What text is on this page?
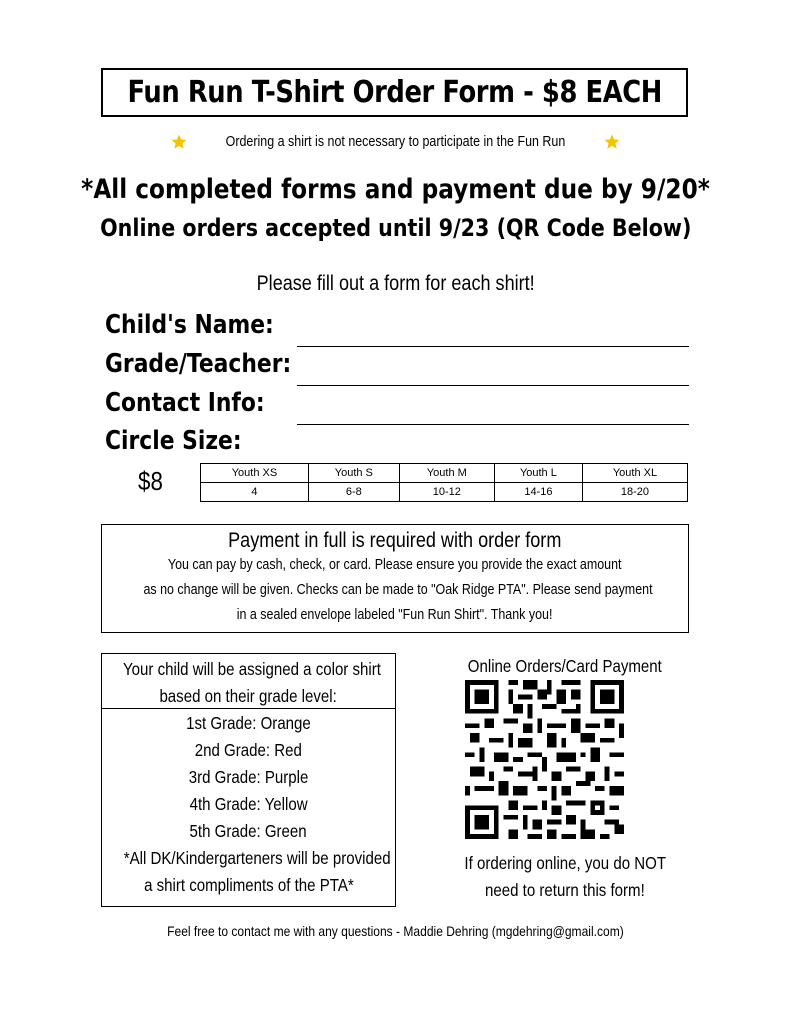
Fun Run T-Shirt Order Form - $8 EACH
Ordering a shirt is not necessary to participate in the Fun Run
*All completed forms and payment due by 9/20*
Online orders accepted until 9/23 (QR Code Below)
Please fill out a form for each shirt!
Child's Name:
Grade/Teacher:
Contact Info:
Circle Size:
$8	Youth XS	Youth S	Youth M	Youth L	Youth XL
4	6-8	10-12	14-16	18-20
Payment in full is required with order form
You can pay by cash, check, or card. Please ensure you provide the exact amount
as no change will be given. Checks can be made to "Oak Ridge PTA". Please send payment
in a sealed envelope labeled "Fun Run Shirt". Thank you!
Your child will be assigned a color shirt
based on their grade level:
1st Grade: Orange
2nd Grade: Red
3rd Grade: Purple
4th Grade: Yellow
5th Grade: Green
*All DK/Kindergarteners will be provided
a shirt compliments of the PTA*
Online Orders/Card Payment
If ordering online, you do NOT
need to return this form!
Feel free to contact me with any questions - Maddie Dehring (mgdehring@gmail.com)
